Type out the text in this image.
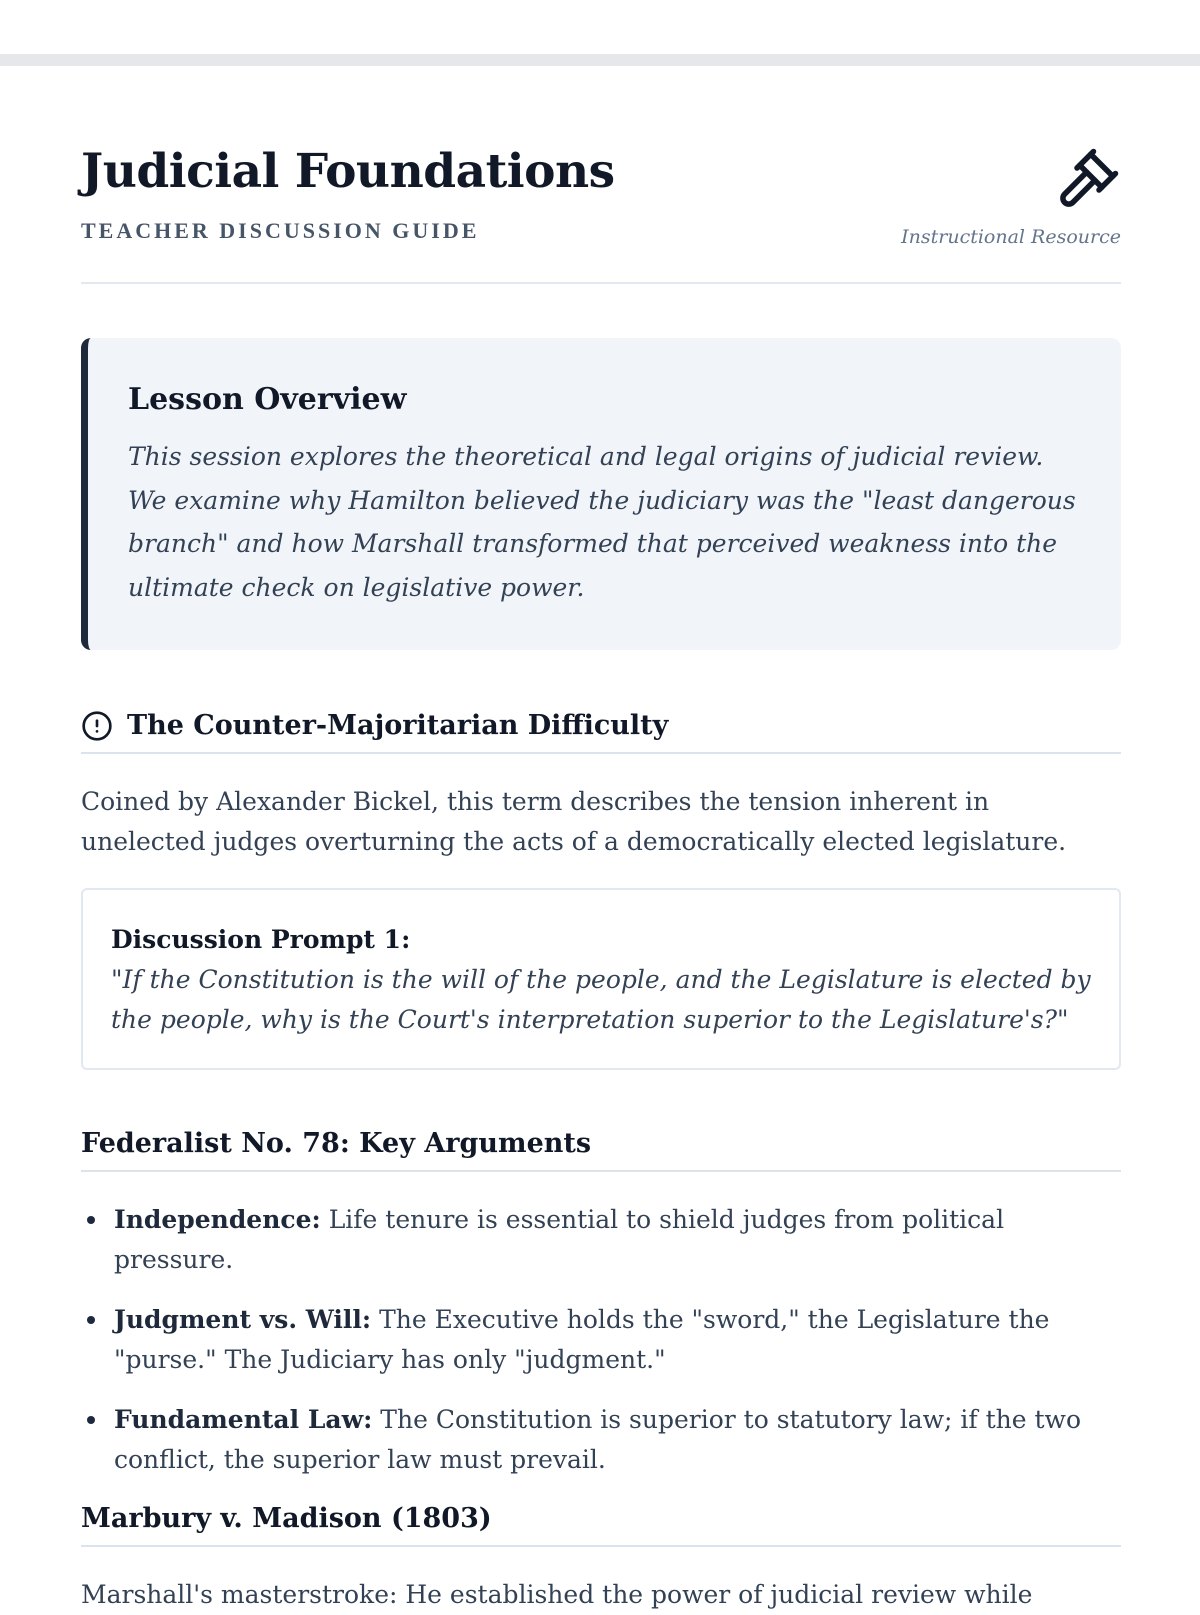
Judicial Foundations
TEACHER DISCUSSION GUIDE	Instructional Resource
Lesson Overview

This session explores the theoretical and legal origins of judicial review. We examine why Hamilton believed the judiciary was the "least dangerous branch" and how Marshall transformed that perceived weakness into the ultimate check on legislative power.

The Counter-Majoritarian Difficulty

Coined by Alexander Bickel, this term describes the tension inherent in unelected judges overturning the acts of a democratically elected legislature.

Discussion Prompt 1:
"If the Constitution is the will of the people, and the Legislature is elected by the people, why is the Court's interpretation superior to the Legislature's?"
Federalist No. 78: Key Arguments
Independence: Life tenure is essential to shield judges from political pressure.
Judgment vs. Will: The Executive holds the "sword," the Legislature the "purse." The Judiciary has only "judgment."
Fundamental Law: The Constitution is superior to statutory law; if the two conflict, the superior law must prevail.
Marbury v. Madison (1803)

Marshall's masterstroke: He established the power of judicial review while
